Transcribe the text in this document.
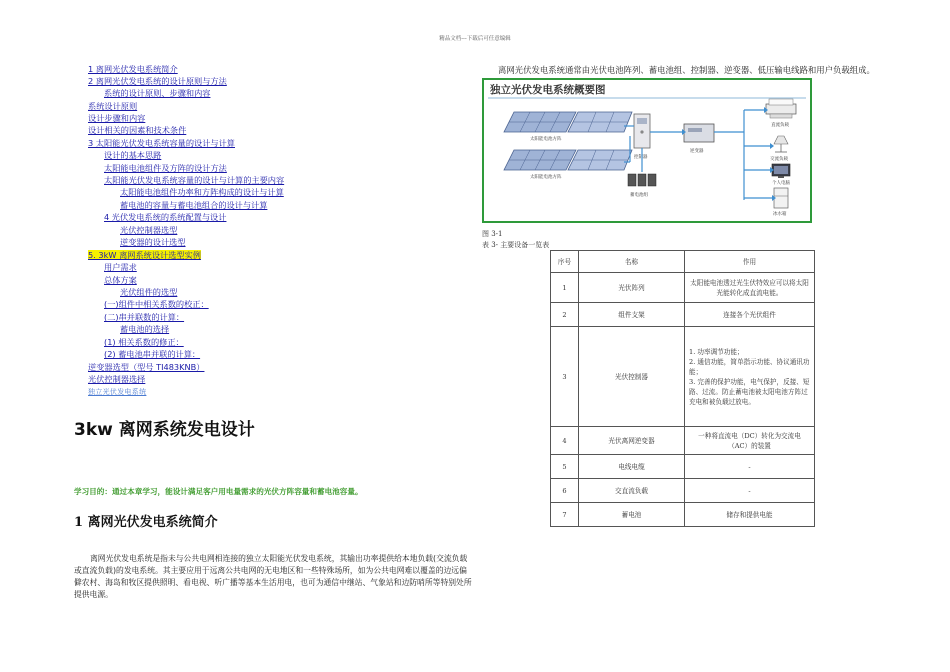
精品文档---下载后可任意编辑
1 离网光伏发电系统简介
2 离网光伏发电系统的设计原则与方法
系统的设计原则、步骤和内容
系统设计原则
设计步骤和内容
设计相关的因素和技术条件
3 太阳能光伏发电系统容量的设计与计算
设计的基本思路
太阳能电池组件及方阵的设计方法
太阳能光伏发电系统容量的设计与计算的主要内容
太阳能电池组件功率和方阵构成的设计与计算
蓄电池的容量与蓄电池组合的设计与计算
4 光伏发电系统的系统配置与设计
光伏控制器选型
逆变器的设计选型
5. 3kW 离网系统设计选型实例
用户需求
总体方案
光伏组件的选型
(一)组件中相关系数的校正：
(二)串并联数的计算：
蓄电池的选择
(1) 相关系数的修正：
(2) 蓄电池串并联的计算：
逆变器选型（型号 TI483KNB）
光伏控制器选择
独立光伏发电系统
3kw 离网系统发电设计
学习目的：通过本章学习，能设计满足客户用电量需求的光伏方阵容量和蓄电池容量。
1 离网光伏发电系统简介

离网光伏发电系统是指未与公共电网相连接的独立太阳能光伏发电系统，其输出功率提供给本地负载(交流负载或直流负载)的发电系统。其主要应用于远离公共电网的无电地区和一些特殊场所，如为公共电网难以覆盖的边远偏僻农村、海岛和牧区提供照明、看电视、听广播等基本生活用电，也可为通信中继站、气象站和边防哨所等特别处所提供电源。

离网光伏发电系统通常由光伏电池阵列、蓄电池组、控制器、逆变器、低压输电线路和用户负载组成。
独立光伏发电系统概要图
太阳能电池方阵
太阳能电池方阵
控制器
蓄电池组
逆变器
直流负载
交流负载
个人电脑
冰水箱
图 3-1
表 3- 主要设备一览表
序号	名称	作用
1	光伏阵列	太阳能电池透过光生伏特效应可以将太阳光能转化成直流电能。
2	组件支架	连接各个光伏组件
3	光伏控制器	1. 功率调节功能；
2. 通信功能，简单指示功能、协议通讯功能；
3. 完善的保护功能，电气保护，反接、短路、过流。防止蓄电池被太阳电池方阵过充电和被负载过放电。

4	光伏离网逆变器	一种将直流电（DC）转化为交流电（AC）的装置
5	电线电缆	-
6	交直流负载	-
7	蓄电池	储存和提供电能
